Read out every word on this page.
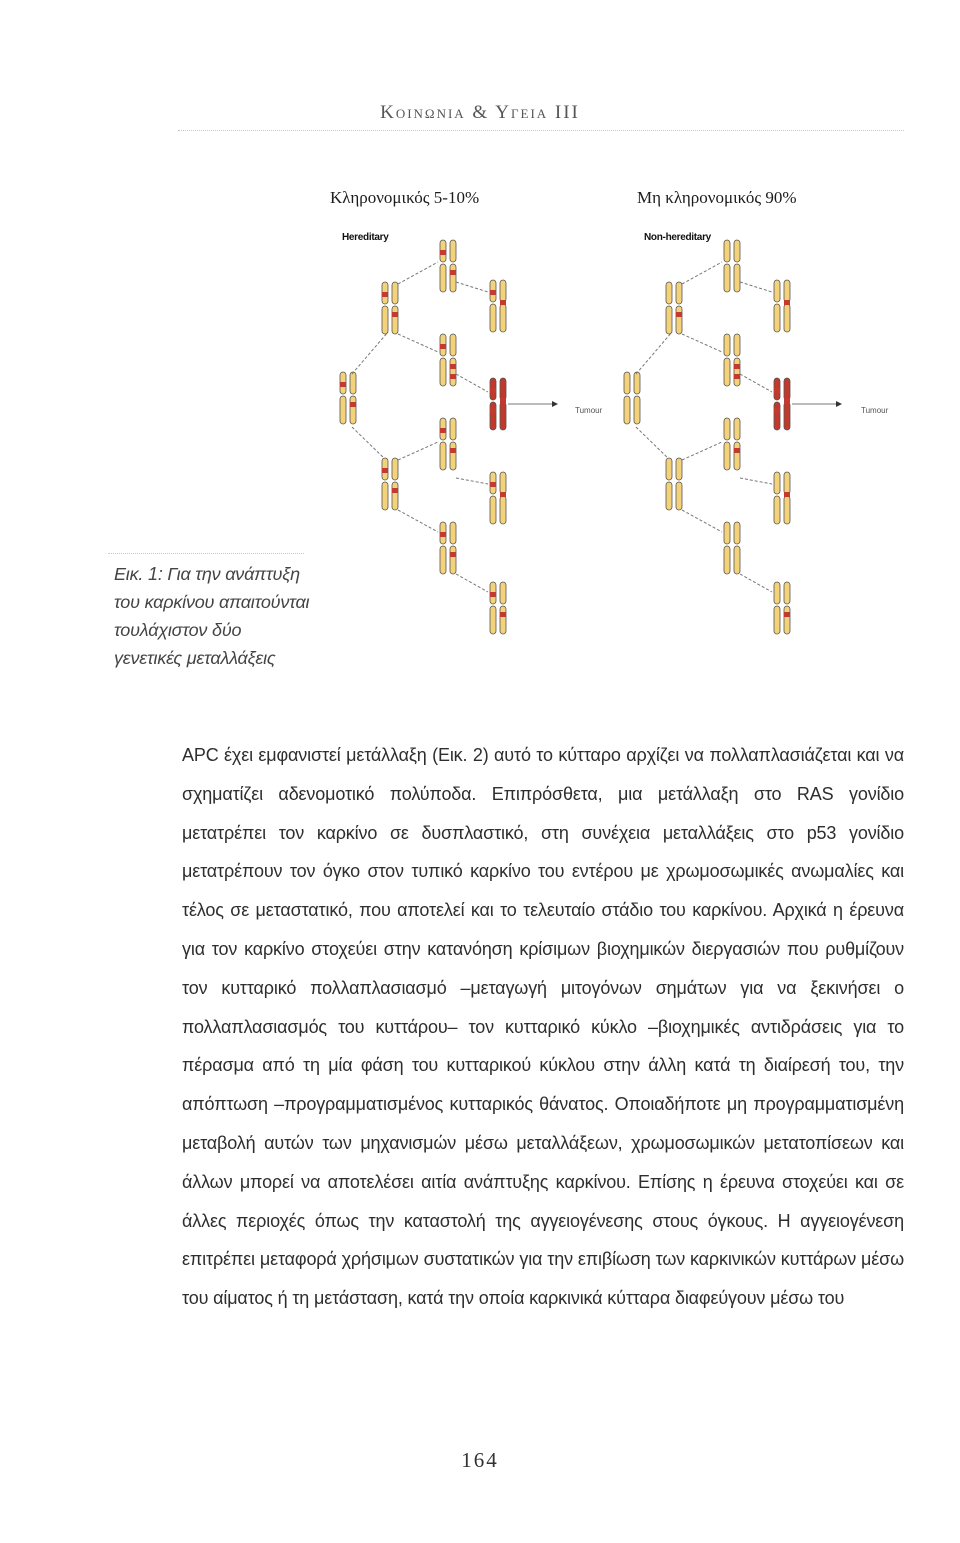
Κοινωνια & Υγεια III
Κληρονομικός 5-10%	Μη κληρονομικός 90%
Hereditary	Non-hereditary
Tumour	Tumour
Εικ. 1: Για την ανάπτυξη του καρκίνου απαιτούνται τουλάχιστον δύο γενετικές μεταλλάξεις

APC έχει εμφανιστεί μετάλλαξη (Εικ. 2) αυτό το κύτταρο αρχίζει να πολλαπλασιάζεται και να σχηματίζει αδενομοτικό πολύποδα. Επιπρόσθετα, μια μετάλλαξη στο RAS γονίδιο μετατρέπει τον καρκίνο σε δυσπλαστικό, στη συνέχεια μεταλλάξεις στο p53 γονίδιο μετατρέπουν τον όγκο στον τυπικό καρκίνο του εντέρου με χρωμοσωμικές ανωμαλίες και τέλος σε μεταστατικό, που αποτελεί και το τελευταίο στάδιο του καρκίνου. Αρχικά η έρευνα για τον καρκίνο στοχεύει στην κατανόηση κρίσιμων βιοχημικών διεργασιών που ρυθμίζουν τον κυτταρικό πολλαπλασιασμό –μεταγωγή μιτογόνων σημάτων για να ξεκινήσει ο πολλαπλασιασμός του κυττάρου– τον κυτταρικό κύκλο –βιοχημικές αντιδράσεις για το πέρασμα από τη μία φάση του κυτταρικού κύκλου στην άλλη κατά τη διαίρεσή του, την απόπτωση –προγραμματισμένος κυτταρικός θάνατος. Οποιαδήποτε μη προγραμματισμένη μεταβολή αυτών των μηχανισμών μέσω μεταλλάξεων, χρωμοσωμικών μετατοπίσεων και άλλων μπορεί να αποτελέσει αιτία ανάπτυξης καρκίνου. Επίσης η έρευνα στοχεύει και σε άλλες περιοχές όπως την καταστολή της αγγειογένεσης στους όγκους. Η αγγειογένεση επιτρέπει μεταφορά χρήσιμων συστατικών για την επιβίωση των καρκινικών κυττάρων μέσω του αίματος ή τη μετάσταση, κατά την οποία καρκινικά κύτταρα διαφεύγουν μέσω του

164
